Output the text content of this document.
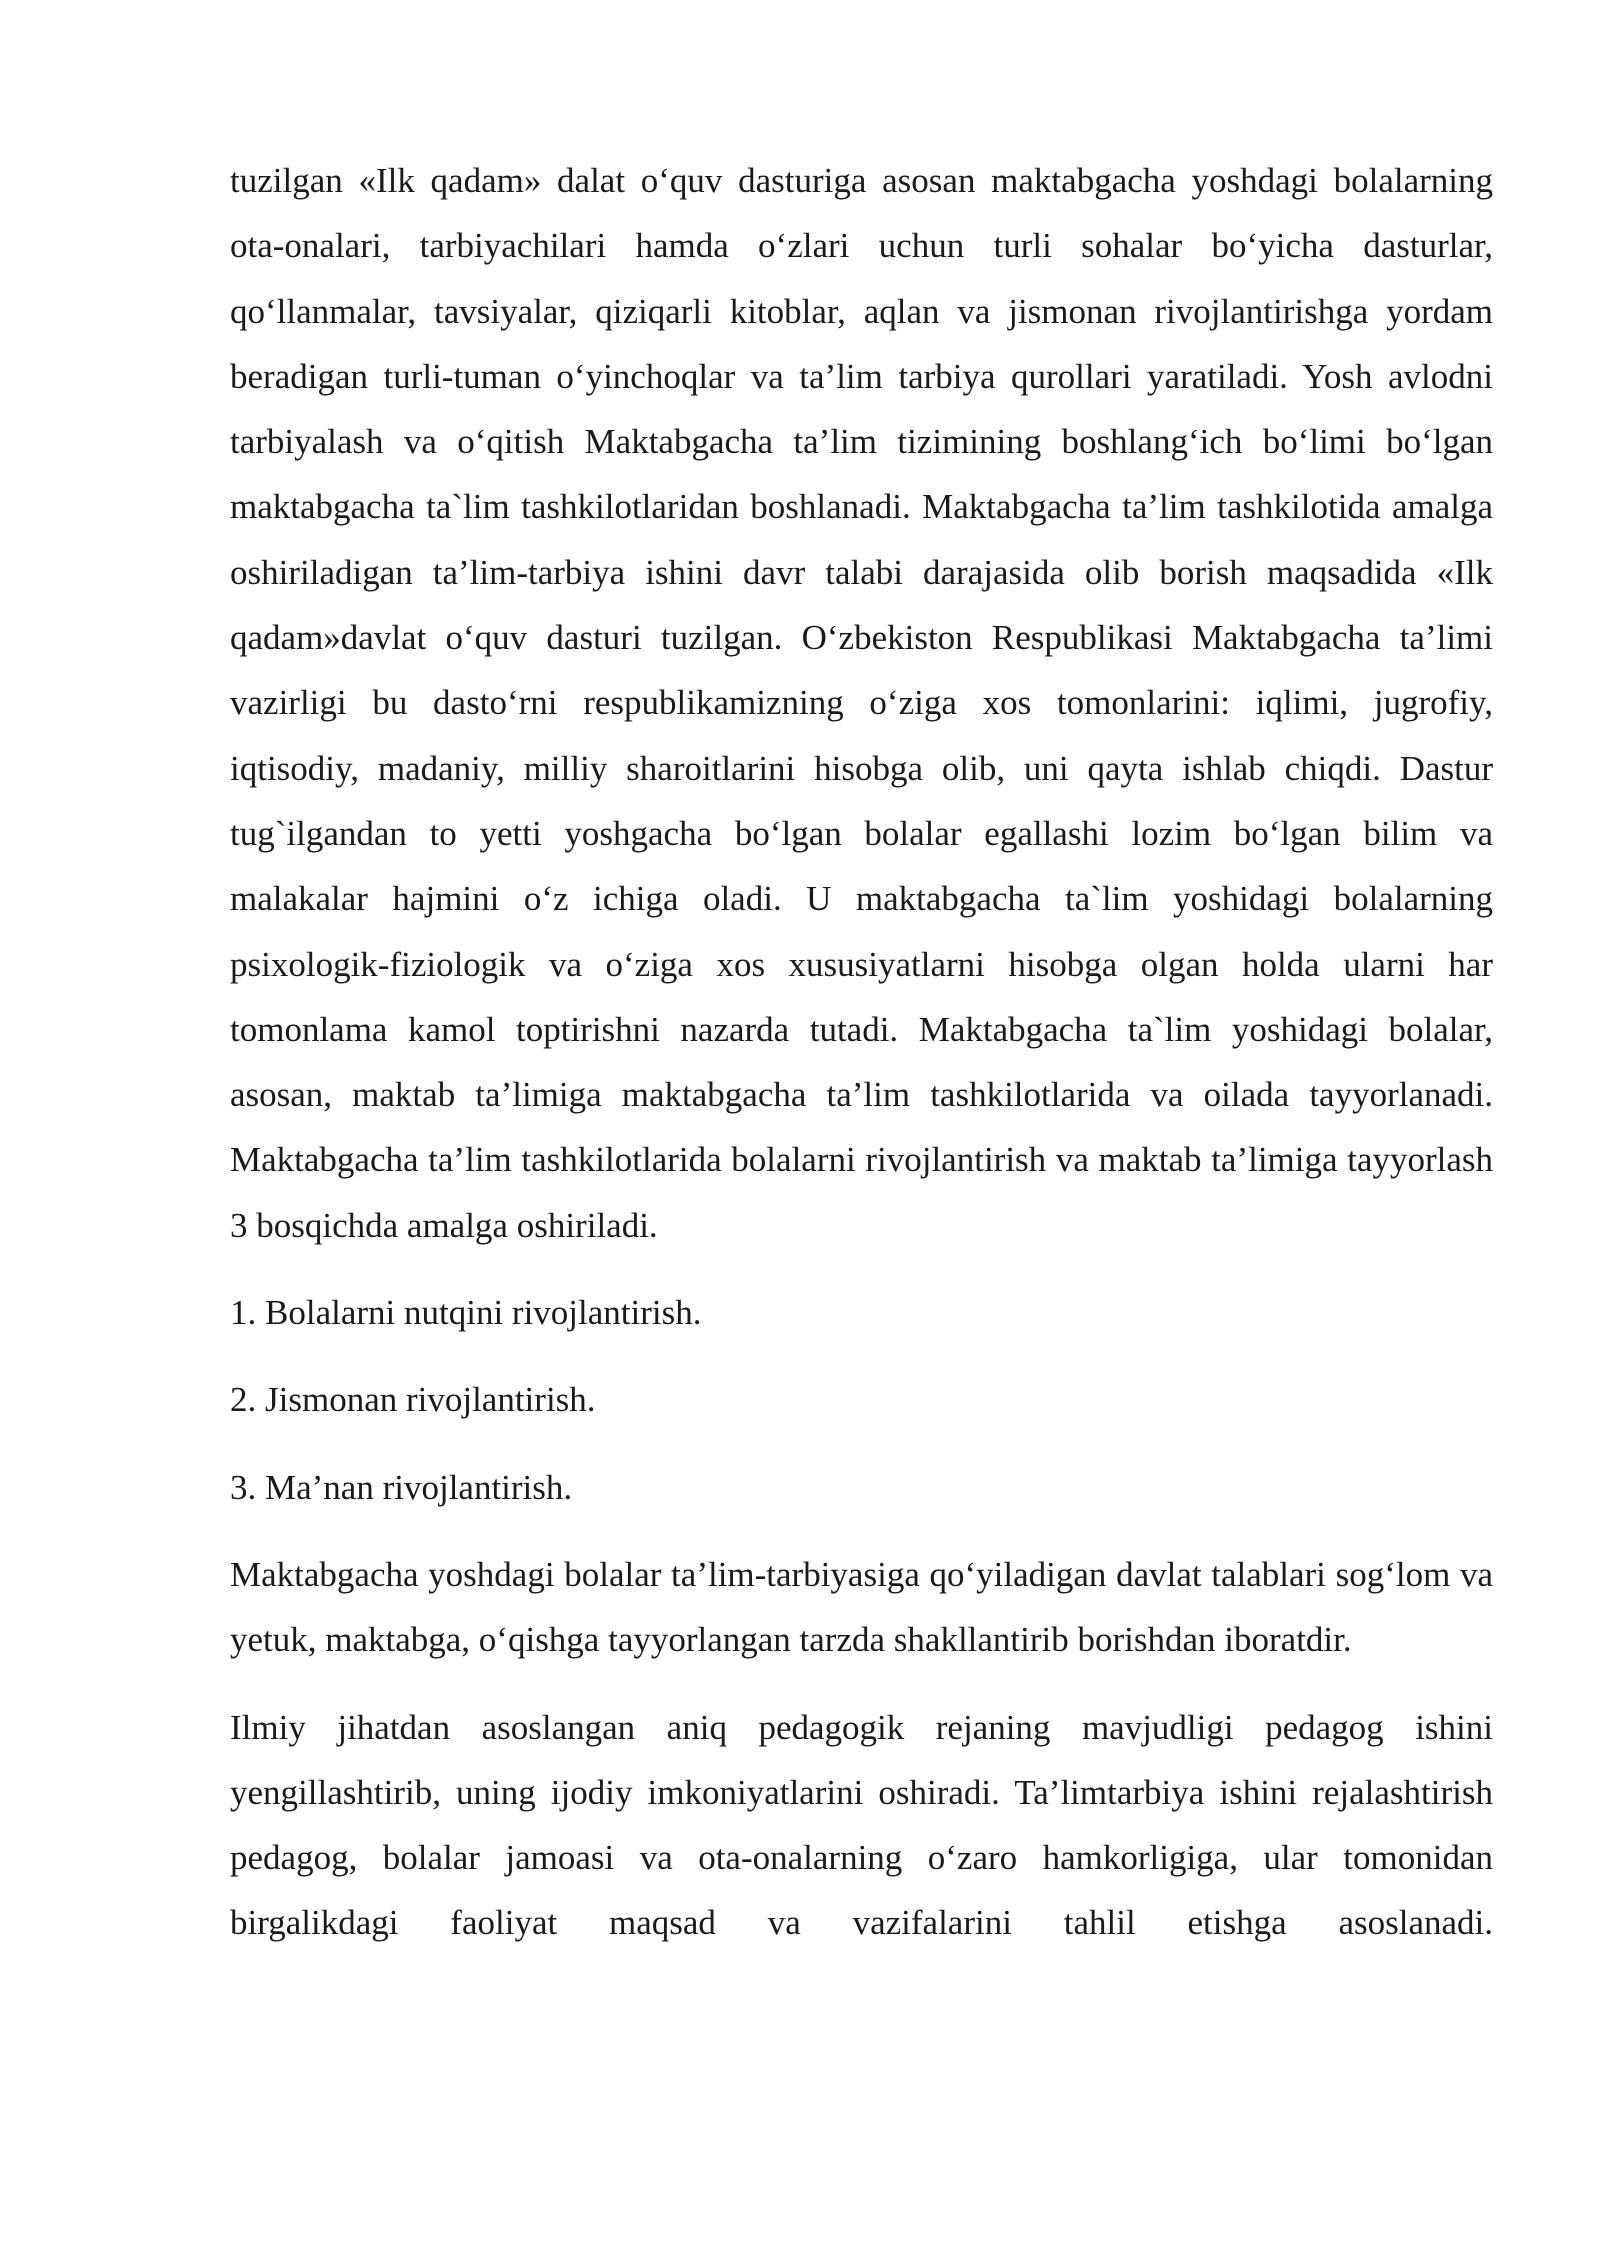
tuzilgan «Ilk qadam» dalat o‘quv dasturiga asosan maktabgacha yoshdagi bolalarning ota-onalari, tarbiyachilari hamda o‘zlari uchun turli sohalar bo‘yicha dasturlar, qo‘llanmalar, tavsiyalar, qiziqarli kitoblar, aqlan va jismonan rivojlantirishga yordam beradigan turli-tuman o‘yinchoqlar va ta’lim tarbiya qurollari yaratiladi. Yosh avlodni tarbiyalash va o‘qitish Maktabgacha ta’lim tizimining boshlang‘ich bo‘limi bo‘lgan maktabgacha ta`lim tashkilotlaridan boshlanadi. Maktabgacha ta’lim tashkilotida amalga oshiriladigan ta’lim-tarbiya ishini davr talabi darajasida olib borish maqsadida «Ilk qadam»davlat o‘quv dasturi tuzilgan. O‘zbekiston Respublikasi Maktabgacha ta’limi vazirligi bu dasto‘rni respublikamizning o‘ziga xos tomonlarini: iqlimi, jugrofiy, iqtisodiy, madaniy, milliy sharoitlarini hisobga olib, uni qayta ishlab chiqdi. Dastur tug`ilgandan to yetti yoshgacha bo‘lgan bolalar egallashi lozim bo‘lgan bilim va malakalar hajmini o‘z ichiga oladi. U maktabgacha ta`lim yoshidagi bolalarning psixologik-fiziologik va o‘ziga xos xususiyatlarni hisobga olgan holda ularni har tomonlama kamol toptirishni nazarda tutadi. Maktabgacha ta`lim yoshidagi bolalar, asosan, maktab ta’limiga maktabgacha ta’lim tashkilotlarida va oilada tayyorlanadi. Maktabgacha ta’lim tashkilotlarida bolalarni rivojlantirish va maktab ta’limiga tayyorlash 3 bosqichda amalga oshiriladi.

1. Bolalarni nutqini rivojlantirish.

2. Jismonan rivojlantirish.

3. Ma’nan rivojlantirish.

Maktabgacha yoshdagi bolalar ta’lim-tarbiyasiga qo‘yiladigan davlat talablari sog‘lom va yetuk, maktabga, o‘qishga tayyorlangan tarzda shakllantirib borishdan iboratdir.

Ilmiy jihatdan asoslangan aniq pedagogik rejaning mavjudligi pedagog ishini yengillashtirib, uning ijodiy imkoniyatlarini oshiradi. Ta’limtarbiya ishini rejalashtirish pedagog, bolalar jamoasi va ota-onalarning o‘zaro hamkorligiga, ular tomonidan birgalikdagi faoliyat maqsad va vazifalarini tahlil etishga asoslanadi.
